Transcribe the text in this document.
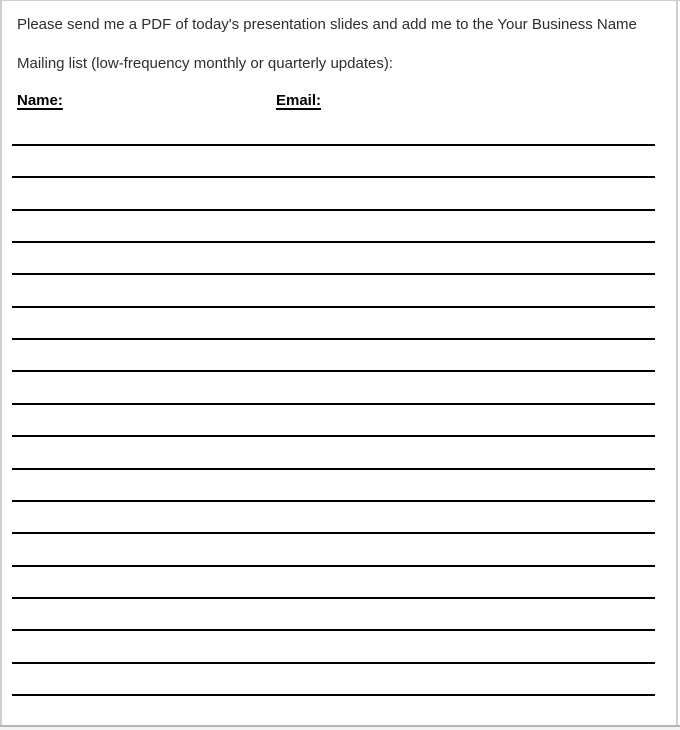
Please send me a PDF of today's presentation slides and add me to the Your Business Name
Mailing list (low-frequency monthly or quarterly updates):
Name:	Email:
